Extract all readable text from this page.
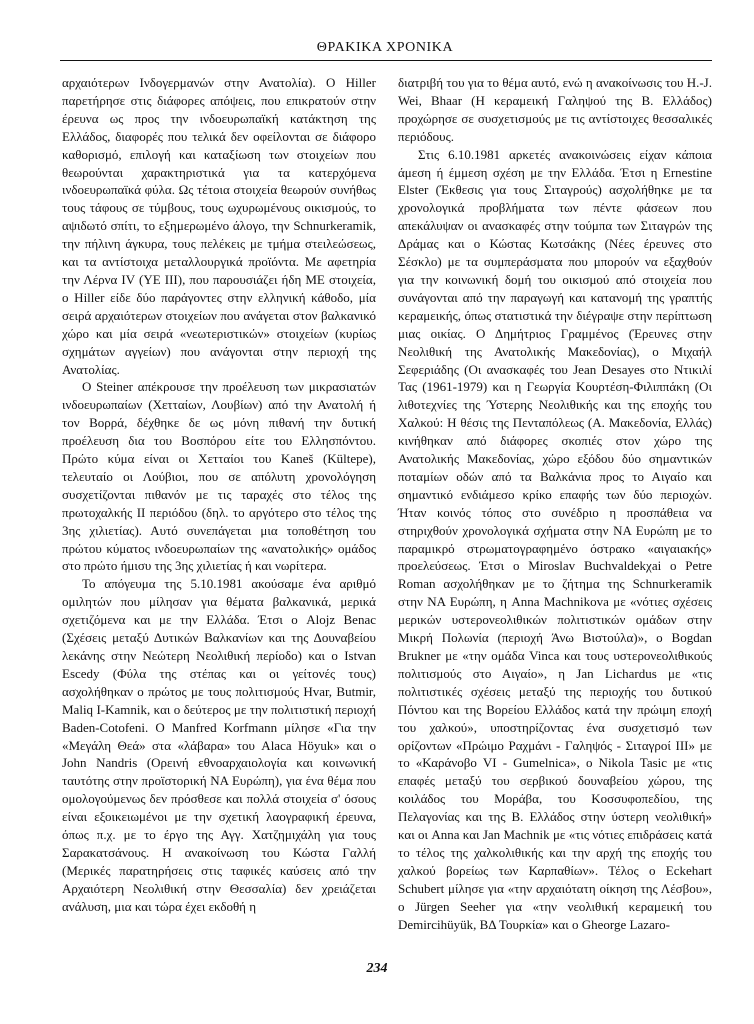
ΘΡΑΚΙΚΑ ΧΡΟΝΙΚΑ

αρχαιότερων Ινδογερμανών στην Ανατολία). Ο Hiller παρετήρησε στις διάφορες απόψεις, που επικρατούν στην έρευνα ως προς την ινδοευρωπαϊκή κατάκτηση της Ελλάδος, διαφορές που τελικά δεν οφείλονται σε διάφορο καθορισμό, επιλογή και καταξίωση των στοιχείων που θεωρούνται χαρακτηριστικά για τα κατερχόμενα ινδοευρωπαϊκά φύλα. Ως τέτοια στοιχεία θεωρούν συνήθως τους τάφους σε τύμβους, τους ωχυρωμένους οικισμούς, το αψιδωτό σπίτι, το εξημερωμένο άλογο, την Schnurkeramik, την πήλινη άγκυρα, τους πελέκεις με τμήμα στειλεώσεως, και τα αντίστοιχα μεταλλουργικά προϊόντα. Με αφετηρία την Λέρνα IV (ΥΕ ΙΙΙ), που παρουσιάζει ήδη ΜΕ στοιχεία, ο Hiller είδε δύο παράγοντες στην ελληνική κάθοδο, μία σειρά αρχαιότερων στοιχείων που ανάγεται στον βαλκανικό χώρο και μία σειρά «νεωτεριστικών» στοιχείων (κυρίως σχημάτων αγγείων) που ανάγονται στην περιοχή της Ανατολίας.

Ο Steiner απέκρουσε την προέλευση των μικρασιατών ινδοευρωπαίων (Χετταίων, Λουβίων) από την Ανατολή ή τον Βορρά, δέχθηκε δε ως μόνη πιθανή την δυτική προέλευση δια του Βοσπόρου είτε του Ελλησπόντου. Πρώτο κύμα είναι οι Χετταίοι του Kaneš (Kültepe), τελευταίο οι Λούβιοι, που σε απόλυτη χρονολόγηση συσχετίζονται πιθανόν με τις ταραχές στο τέλος της πρωτοχαλκής ΙΙ περιόδου (δηλ. το αργότερο στο τέλος της 3ης χιλιετίας). Αυτό συνεπάγεται μια τοποθέτηση του πρώτου κύματος ινδοευρωπαίων της «ανατολικής» ομάδος στο πρώτο ήμισυ της 3ης χιλιετίας ή και νωρίτερα.

Το απόγευμα της 5.10.1981 ακούσαμε ένα αριθμό ομιλητών που μίλησαν για θέματα βαλκανικά, μερικά σχετιζόμενα και με την Ελλάδα. Έτσι ο Alojz Benac (Σχέσεις μεταξύ Δυτικών Βαλκανίων και της Δουναβείου λεκάνης στην Νεώτερη Νεολιθική περίοδο) και ο Istvan Escedy (Φύλα της στέπας και οι γείτονές τους) ασχολήθηκαν ο πρώτος με τους πολιτισμούς Hvar, Butmir, Maliq I-Kamnik, και ο δεύτερος με την πολιτιστική περιοχή Baden-Cotofeni. Ο Manfred Korfmann μίλησε «Για την «Μεγάλη Θεά» στα «λάβαρα» του Alaca Höyuk» και ο John Nandris (Ορεινή εθνοαρχαιολογία και κοινωνική ταυτότης στην προϊστορική ΝΑ Ευρώπη), για ένα θέμα που ομολογούμενως δεν πρόσθεσε και πολλά στοιχεία σ' όσους είναι εξοικειωμένοι με την σχετική λαογραφική έρευνα, όπως π.χ. με το έργο της Αγγ. Χατζημιχάλη για τους Σαρακατσάνους. Η ανακοίνωση του Κώστα Γαλλή (Μερικές παρατηρήσεις στις ταφικές καύσεις από την Αρχαιότερη Νεολιθική στην Θεσσαλία) δεν χρειάζεται ανάλυση, μια και τώρα έχει εκδοθή η

διατριβή του για το θέμα αυτό, ενώ η ανακοίνωσις του H.-J. Wei, Bhaar (Η κεραμεική Γαληψού της Β. Ελλάδος) προχώρησε σε συσχετισμούς με τις αντίστοιχες θεσσαλικές περιόδους.

Στις 6.10.1981 αρκετές ανακοινώσεις είχαν κάποια άμεση ή έμμεση σχέση με την Ελλάδα. Έτσι η Ernestine Elster (Έκθεσις για τους Σιταγρούς) ασχολήθηκε με τα χρονολογικά προβλήματα των πέντε φάσεων που απεκάλυψαν οι ανασκαφές στην τούμπα των Σιταγρών της Δράμας και ο Κώστας Κωτσάκης (Νέες έρευνες στο Σέσκλο) με τα συμπεράσματα που μπορούν να εξαχθούν για την κοινωνική δομή του οικισμού από στοιχεία που συνάγονται από την παραγωγή και κατανομή της γραπτής κεραμεικής, όπως στατιστικά την διέγραψε στην περίπτωση μιας οικίας. Ο Δημήτριος Γραμμένος (Έρευνες στην Νεολιθική της Ανατολικής Μακεδονίας), ο Μιχαήλ Σεφεριάδης (Οι ανασκαφές του Jean Desayes στο Ντικιλί Τας (1961-1979) και η Γεωργία Κουρτέση-Φιλιππάκη (Οι λιθοτεχνίες της Ύστερης Νεολιθικής και της εποχής του Χαλκού: Η θέσις της Πενταπόλεως (Α. Μακεδονία, Ελλάς) κινήθηκαν από διάφορες σκοπιές στον χώρο της Ανατολικής Μακεδονίας, χώρο εξόδου δύο σημαντικών ποταμίων οδών από τα Βαλκάνια προς το Αιγαίο και σημαντικό ενδιάμεσο κρίκο επαφής των δύο περιοχών. Ήταν κοινός τόπος στο συνέδριο η προσπάθεια να στηριχθούν χρονολογικά σχήματα στην ΝΑ Ευρώπη με το παραμικρό στρωματογραφημένο όστρακο «αιγαιακής» προελεύσεως. Έτσι ο Miroslav Buchvaldekχai o Petre Roman ασχολήθηκαν με το ζήτημα της Schnurkeramik στην ΝΑ Ευρώπη, η Anna Machnikova με «νότιες σχέσεις μερικών υστερονεολιθικών πολιτιστικών ομάδων στην Μικρή Πολωνία (περιοχή Άνω Βιστούλα)», ο Bogdan Brukner με «την ομάδα Vinca και τους υστερονεολιθικούς πολιτισμούς στο Αιγαίο», η Jan Lichardus με «τις πολιτιστικές σχέσεις μεταξύ της περιοχής του δυτικού Πόντου και της Βορείου Ελλάδος κατά την πρώιμη εποχή του χαλκού», υποστηρίζοντας ένα συσχετισμό των ορίζοντων «Πρώιμο Ραχμάνι - Γαληψός - Σιταγροί ΙΙΙ» με το «Καράνοβο VI - Gumelnica», ο Nikola Tasic με «τις επαφές μεταξύ του σερβικού δουναβείου χώρου, της κοιλάδος του Μοράβα, του Κοσσυφοπεδίου, της Πελαγονίας και της Β. Ελλάδος στην ύστερη νεολιθική» και οι Anna και Jan Machnik με «τις νότιες επιδράσεις κατά το τέλος της χαλκολιθικής και την αρχή της εποχής του χαλκού βορείως των Καρπαθίων». Τέλος ο Eckehart Schubert μίλησε για «την αρχαιότατη οίκηση της Λέσβου», ο Jürgen Seeher για «την νεολιθική κεραμεική του Demircihüyük, ΒΔ Τουρκία» και ο Gheorge Lazaro-

234
